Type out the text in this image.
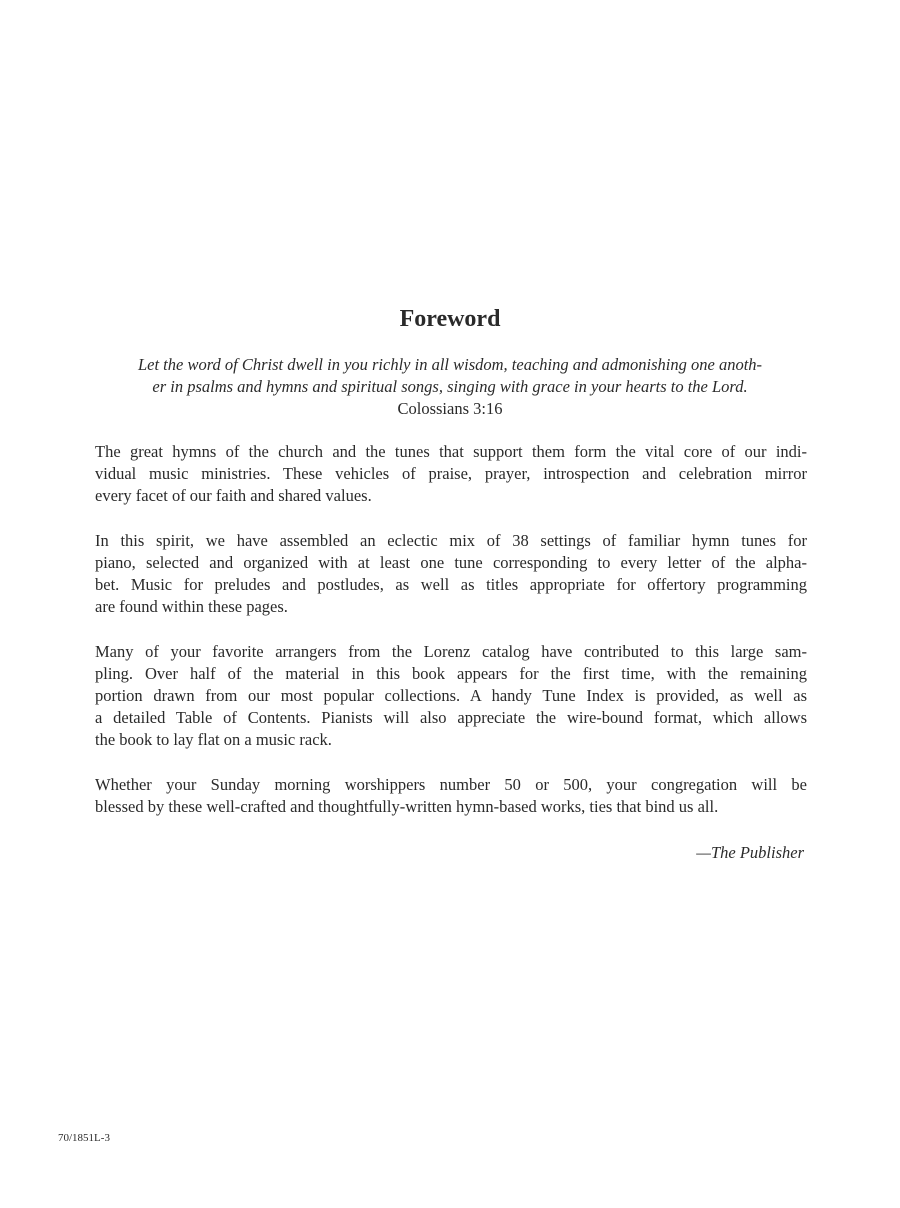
Foreword
Let the word of Christ dwell in you richly in all wisdom, teaching and admonishing one anoth-
er in psalms and hymns and spiritual songs, singing with grace in your hearts to the Lord.
Colossians 3:16

The great hymns of the church and the tunes that support them form the vital core of our indi-
vidual music ministries. These vehicles of praise, prayer, introspection and celebration mirror
every facet of our faith and shared values.

In this spirit, we have assembled an eclectic mix of 38 settings of familiar hymn tunes for
piano, selected and organized with at least one tune corresponding to every letter of the alpha-
bet. Music for preludes and postludes, as well as titles appropriate for offertory programming
are found within these pages.

Many of your favorite arrangers from the Lorenz catalog have contributed to this large sam-
pling. Over half of the material in this book appears for the first time, with the remaining
portion drawn from our most popular collections. A handy Tune Index is provided, as well as
a detailed Table of Contents. Pianists will also appreciate the wire-bound format, which allows
the book to lay flat on a music rack.

Whether your Sunday morning worshippers number 50 or 500, your congregation will be
blessed by these well-crafted and thoughtfully-written hymn-based works, ties that bind us all.

—The Publisher

70/1851L-3
